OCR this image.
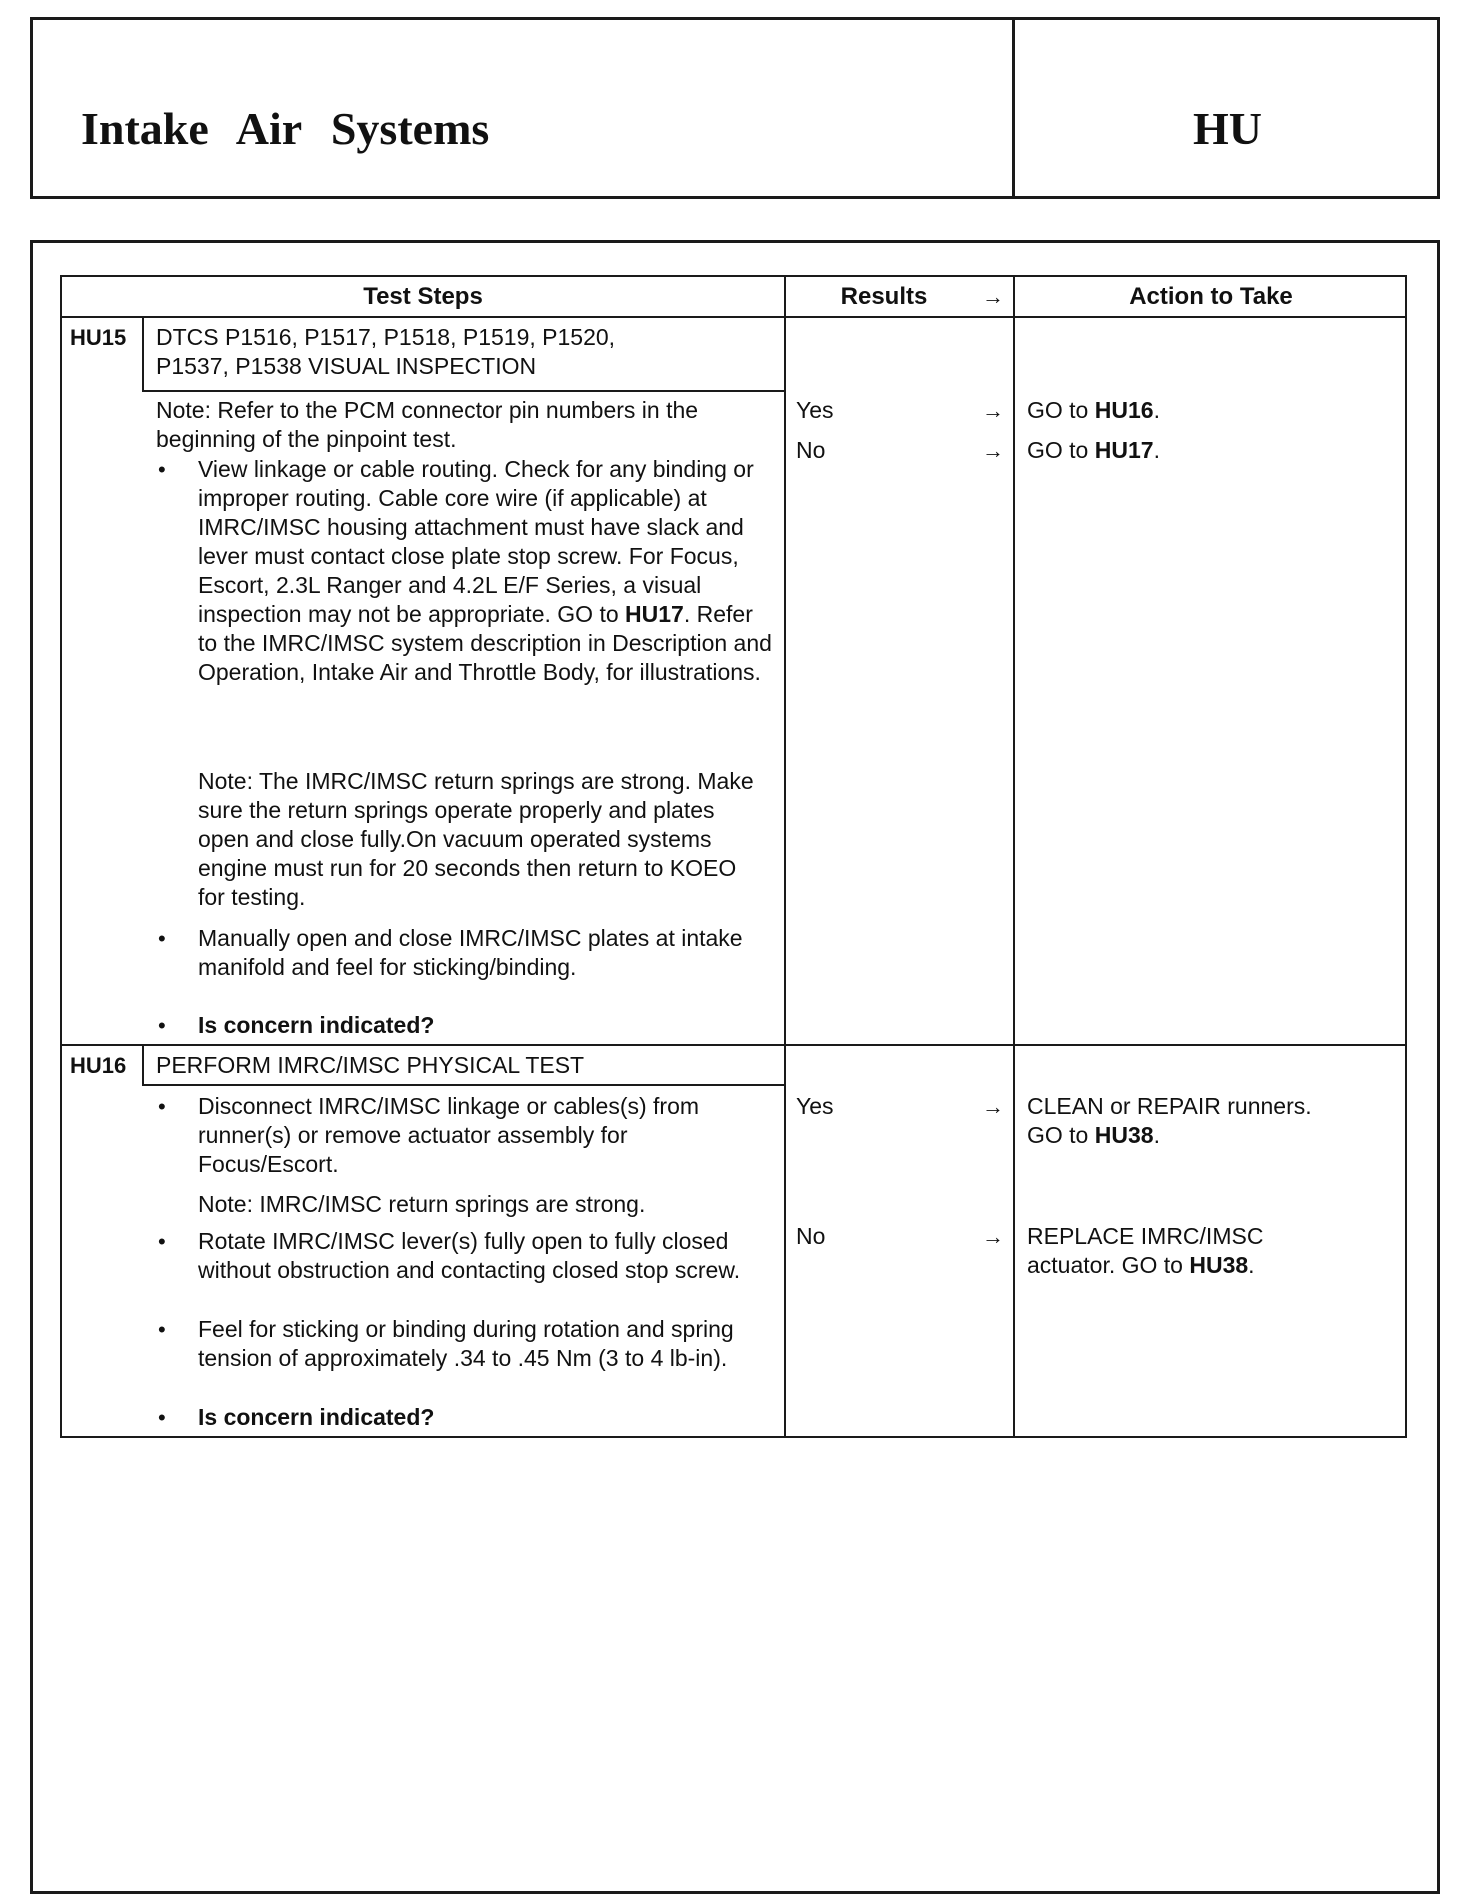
Intake Air Systems	HU
Test Steps	Results	→	Action to Take
HU15 DTCS P1516, P1517, P1518, P1519, P1520,
P1537, P1538 VISUAL INSPECTION
Note: Refer to the PCM connector pin numbers in the beginning of the pinpoint test.
• View linkage or cable routing. Check for any binding or improper routing. Cable core wire (if applicable) at IMRC/IMSC housing attachment must have slack and lever must contact close plate stop screw. For Focus, Escort, 2.3L Ranger and 4.2L E/F Series, a visual inspection may not be appropriate. GO to HU17. Refer to the IMRC/IMSC system description in Description and Operation, Intake Air and Throttle Body, for illustrations.
Note: The IMRC/IMSC return springs are strong. Make sure the return springs operate properly and plates open and close fully.On vacuum operated systems engine must run for 20 seconds then return to KOEO for testing.
• Manually open and close IMRC/IMSC plates at intake manifold and feel for sticking/binding.
• Is concern indicated?
Yes	→ GO to HU16.
No	→ GO to HU17.
HU16 PERFORM IMRC/IMSC PHYSICAL TEST
• Disconnect IMRC/IMSC linkage or cables(s) from runner(s) or remove actuator assembly for Focus/Escort.
Note: IMRC/IMSC return springs are strong.
• Rotate IMRC/IMSC lever(s) fully open to fully closed without obstruction and contacting closed stop screw.
• Feel for sticking or binding during rotation and spring tension of approximately .34 to .45 Nm (3 to 4 lb-in).
• Is concern indicated?
Yes	→ CLEAN or REPAIR runners.
GO to HU38.
No	→ REPLACE IMRC/IMSC
actuator. GO to HU38.
